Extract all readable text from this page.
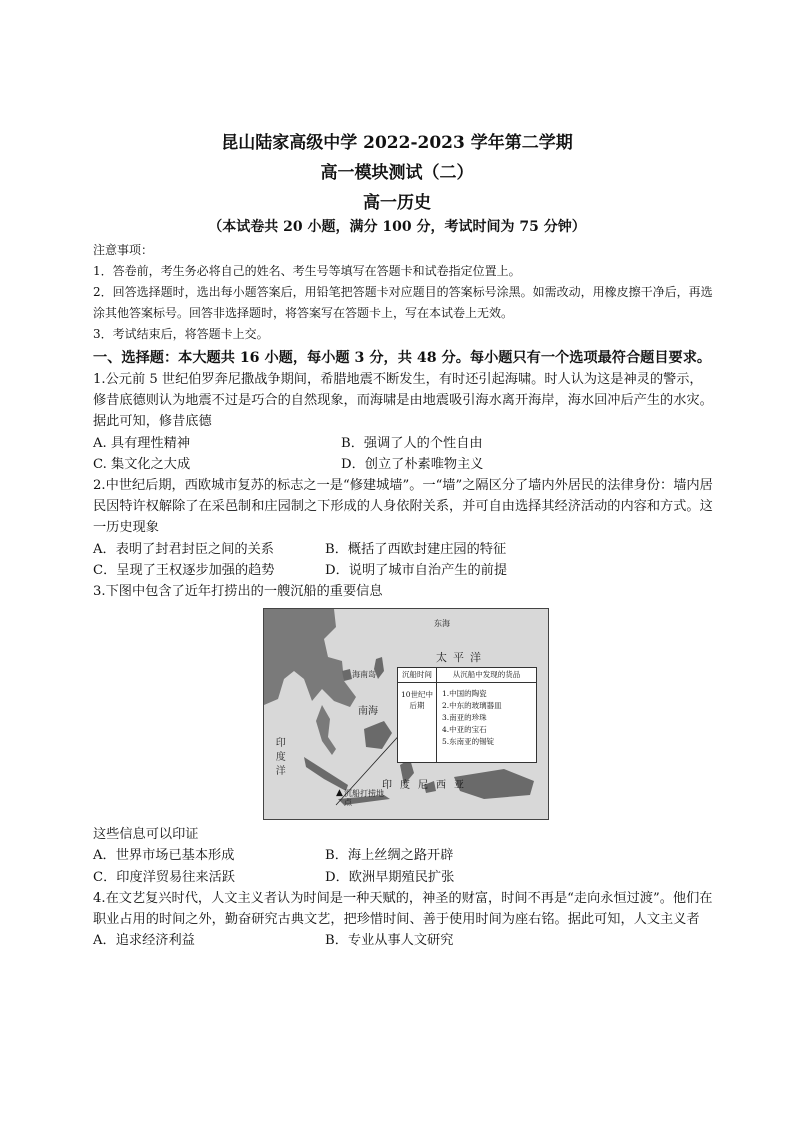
昆山陆家高级中学 2022-2023 学年第二学期
高一模块测试（二）
高一历史
（本试卷共 20 小题，满分 100 分，考试时间为 75 分钟）
注意事项：
1．答卷前，考生务必将自己的姓名、考生号等填写在答题卡和试卷指定位置上。
2．回答选择题时，选出每小题答案后，用铅笔把答题卡对应题目的答案标号涂黑。如需改动，用橡皮擦干净后，再选涂其他答案标号。回答非选择题时，将答案写在答题卡上，写在本试卷上无效。
3．考试结束后，将答题卡上交。
一、选择题：本大题共 16 小题，每小题 3 分，共 48 分。每小题只有一个选项最符合题目要求。

1.公元前 5 世纪伯罗奔尼撒战争期间，希腊地震不断发生，有时还引起海啸。时人认为这是神灵的警示，修昔底德则认为地震不过是巧合的自然现象，而海啸是由地震吸引海水离开海岸，海水回冲后产生的水灾。据此可知，修昔底德

A. 具有理性精神	B．强调了人的个性自由
C. 集文化之大成	D．创立了朴素唯物主义

2.中世纪后期，西欧城市复苏的标志之一是“修建城墙”。一“墙”之隔区分了墙内外居民的法律身份：墙内居民因特许权解除了在采邑制和庄园制之下形成的人身依附关系，并可自由选择其经济活动的内容和方式。这一历史现象

A．表明了封君封臣之间的关系	B．概括了西欧封建庄园的特征
C．呈现了王权逐步加强的趋势	D．说明了城市自治产生的前提

3.下图中包含了近年打捞出的一艘沉船的重要信息

东海
太平洋
海南岛
南海
印度洋
印度尼西亚
▲ 沉船打捞地点
沉船时间	从沉船中发现的货品
10世纪中后期
1.中国的陶瓷
2.中东的玻璃器皿
3.南亚的珍珠
4.中亚的宝石
5.东南亚的锡锭

这些信息可以印证

A．世界市场已基本形成	B．海上丝绸之路开辟
C．印度洋贸易往来活跃	D．欧洲早期殖民扩张

4.在文艺复兴时代，人文主义者认为时间是一种天赋的，神圣的财富，时间不再是“走向永恒过渡”。他们在职业占用的时间之外，勤奋研究古典文艺，把珍惜时间、善于使用时间为座右铭。据此可知，人文主义者

A．追求经济利益	B．专业从事人文研究
